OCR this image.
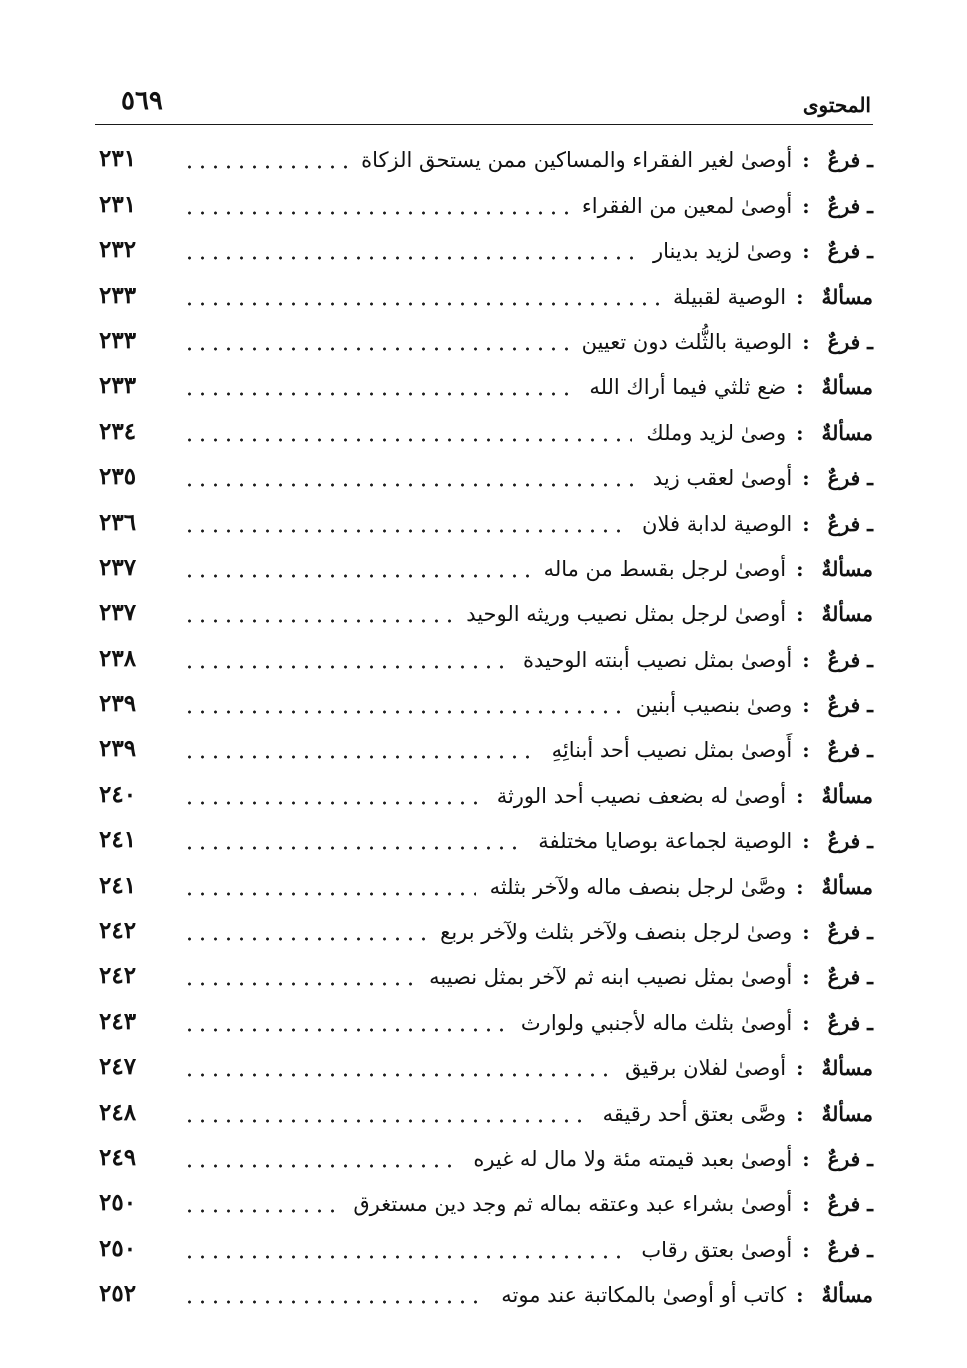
المحتوى
٥٦٩
ـ فرعٌ
:
أوصىٰ لغير الفقراء والمساكين ممن يستحق الزكاة
٢٣١
ـ فرعٌ
:
أوصىٰ لمعين من الفقراء
٢٣١
ـ فرعٌ
:
وصىٰ لزيد بدينار
٢٣٢
مسألةٌ
:
الوصية لقبيلة
٢٣٣
ـ فرعٌ
:
الوصية بالثُّلث دون تعيين
٢٣٣
مسألةٌ
:
ضع ثلثي فيما أراك الله
٢٣٣
مسألةٌ
:
وصىٰ لزيد وملك
٢٣٤
ـ فرعٌ
:
أوصىٰ لعقب زيد
٢٣٥
ـ فرعٌ
:
الوصية لدابة فلان
٢٣٦
مسألةٌ
:
أوصىٰ لرجل بقسط من ماله
٢٣٧
مسألةٌ
:
أوصىٰ لرجل بمثل نصيب وريثه الوحيد
٢٣٧
ـ فرعٌ
:
أوصىٰ بمثل نصيب أبنته الوحيدة
٢٣٨
ـ فرعٌ
:
وصىٰ بنصيب أبنين
٢٣٩
ـ فرعٌ
:
أَوصىٰ بمثل نصيب أحد أبنائِهِ
٢٣٩
مسألةٌ
:
أوصىٰ له بضعف نصيب أحد الورثة
٢٤٠
ـ فرعٌ
:
الوصية لجماعة بوصايا مختلفة
٢٤١
مسألةٌ
:
وصَّىٰ لرجل بنصف ماله ولآخر بثلثه
٢٤١
ـ فرعٌ
:
وصىٰ لرجل بنصف ولآخر بثلث ولآخر بربع
٢٤٢
ـ فرعٌ
:
أوصىٰ بمثل نصيب ابنه ثم لآخر بمثل نصيبه
٢٤٢
ـ فرعٌ
:
أوصىٰ بثلث ماله لأجنبي ولوارث
٢٤٣
مسألةٌ
:
أوصىٰ لفلان برقيق
٢٤٧
مسألةٌ
:
وصَّى بعتق أحد رقيقه
٢٤٨
ـ فرعٌ
:
أوصىٰ بعبد قيمته مئة ولا مال له غيره
٢٤٩
ـ فرعٌ
:
أوصىٰ بشراء عبد وعتقه بماله ثم وجد دين مستغرق
٢٥٠
ـ فرعٌ
:
أوصىٰ بعتق رقاب
٢٥٠
مسألةٌ
:
كاتب أو أوصىٰ بالمكاتبة عند موته
٢٥٢
